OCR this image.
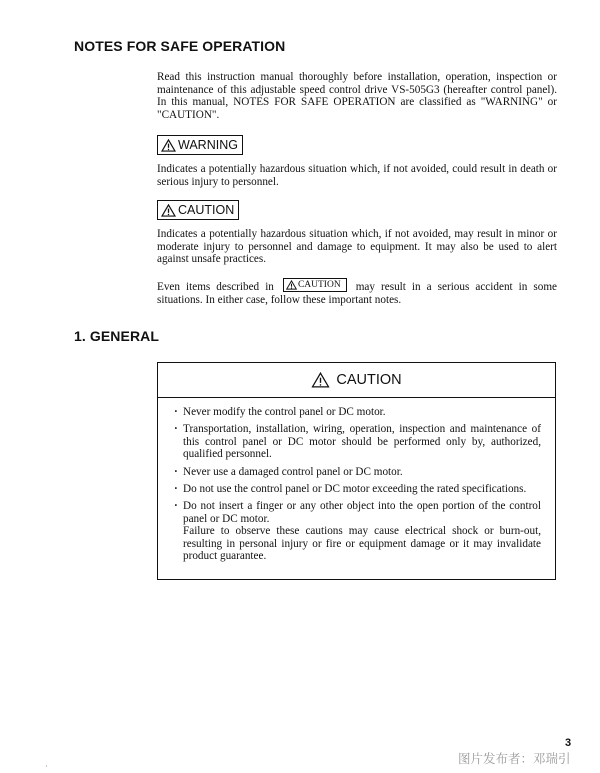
NOTES FOR SAFE OPERATION

Read this instruction manual thoroughly before installation, operation, inspection or maintenance of this adjustable speed control drive VS-505G3 (hereafter control panel). In this manual, NOTES FOR SAFE OPERATION are classified as "WARNING" or "CAUTION".

WARNING

Indicates a potentially hazardous situation which, if not avoided, could result in death or serious injury to personnel.

CAUTION

Indicates a potentially hazardous situation which, if not avoided, may result in minor or moderate injury to personnel and damage to equipment. It may also be used to alert against unsafe practices.

Even items described in	CAUTION may result in a serious accident in some situations. In either case, follow these important notes.

1. GENERAL
CAUTION
· Never modify the control panel or DC motor.
· Transportation, installation, wiring, operation, inspection and maintenance of this control panel or DC motor should be performed only by, authorized, qualified personnel.
· Never use a damaged control panel or DC motor.
· Do not use the control panel or DC motor exceeding the rated specifications.
· Do not insert a finger or any other object into the open portion of the control panel or DC motor.
Failure to observe these cautions may cause electrical shock or burn-out, resulting in personal injury or fire or equipment damage or it may invalidate product guarantee.
3
图片发布者：邓瑞引
·
